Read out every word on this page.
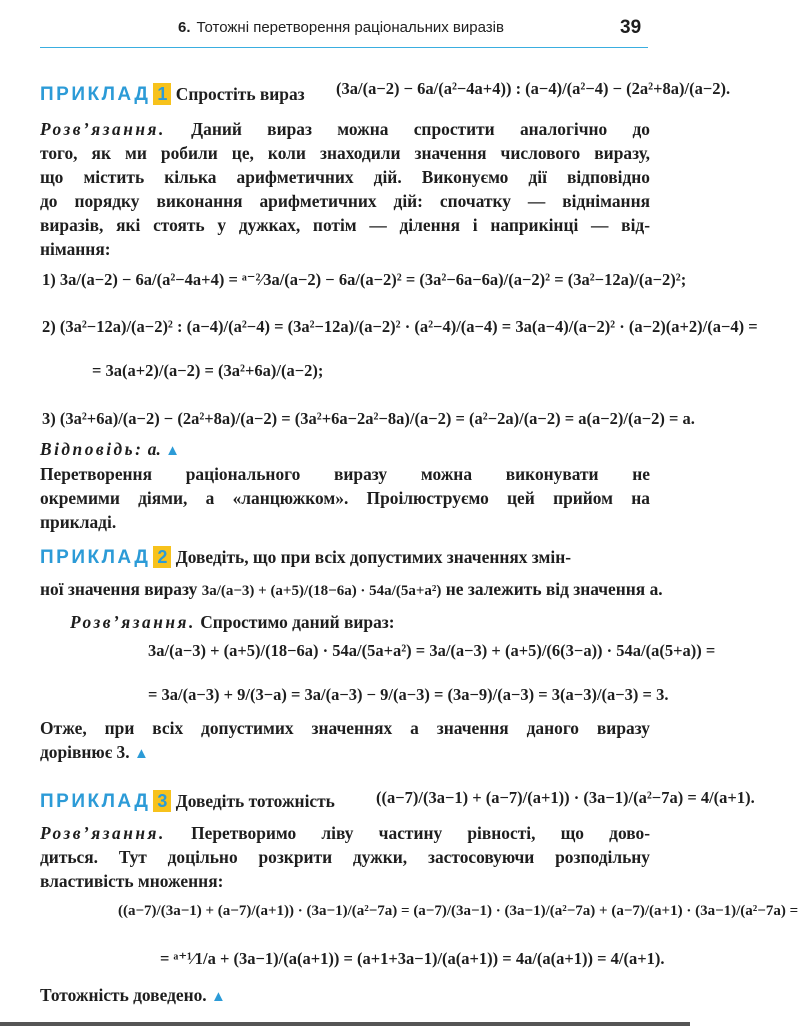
6. Тотожні перетворення раціональних виразів	39
ПРИКЛАД 1 Спростіть вираз	(3a/(a−2) − 6a/(a²−4a+4)) : (a−4)/(a²−4) − (2a²+8a)/(a−2).
Розв’язання. Даний вираз можна спростити аналогічно до
того, як ми робили це, коли знаходили значення числового виразу,
що містить кілька арифметичних дій. Виконуємо дії відповідно
до порядку виконання арифметичних дій: спочатку — віднімання
виразів, які стоять у дужках, потім — ділення і наприкінці — від-
німання:
1) 3a/(a−2) − 6a/(a²−4a+4) = ᵃ⁻²⁄3a/(a−2) − 6a/(a−2)² = (3a²−6a−6a)/(a−2)² = (3a²−12a)/(a−2)²;
2) (3a²−12a)/(a−2)² : (a−4)/(a²−4) = (3a²−12a)/(a−2)² · (a²−4)/(a−4) = 3a(a−4)/(a−2)² · (a−2)(a+2)/(a−4) =
= 3a(a+2)/(a−2) = (3a²+6a)/(a−2);
3) (3a²+6a)/(a−2) − (2a²+8a)/(a−2) = (3a²+6a−2a²−8a)/(a−2) = (a²−2a)/(a−2) = a(a−2)/(a−2) = a.
Відповідь: a. ▲
Перетворення раціонального виразу можна виконувати не
окремими діями, а «ланцюжком». Проілюструємо цей прийом на
прикладі.
ПРИКЛАД 2 Доведіть, що при всіх допустимих значеннях змін-
ної значення виразу 3a/(a−3) + (a+5)/(18−6a) · 54a/(5a+a²) не залежить від значення a.
Розв’язання. Спростимо даний вираз:
3a/(a−3) + (a+5)/(18−6a) · 54a/(5a+a²) = 3a/(a−3) + (a+5)/(6(3−a)) · 54a/(a(5+a)) =
= 3a/(a−3) + 9/(3−a) = 3a/(a−3) − 9/(a−3) = (3a−9)/(a−3) = 3(a−3)/(a−3) = 3.
Отже, при всіх допустимих значеннях a значення даного виразу
дорівнює 3. ▲
ПРИКЛАД 3 Доведіть тотожність	((a−7)/(3a−1) + (a−7)/(a+1)) · (3a−1)/(a²−7a) = 4/(a+1).
Розв’язання. Перетворимо ліву частину рівності, що дово-
диться. Тут доцільно розкрити дужки, застосовуючи розподільну
властивість множення:
((a−7)/(3a−1) + (a−7)/(a+1)) · (3a−1)/(a²−7a) = (a−7)/(3a−1) · (3a−1)/(a²−7a) + (a−7)/(a+1) · (3a−1)/(a²−7a) =
= ᵃ⁺¹⁄1/a + (3a−1)/(a(a+1)) = (a+1+3a−1)/(a(a+1)) = 4a/(a(a+1)) = 4/(a+1).
Тотожність доведено. ▲
